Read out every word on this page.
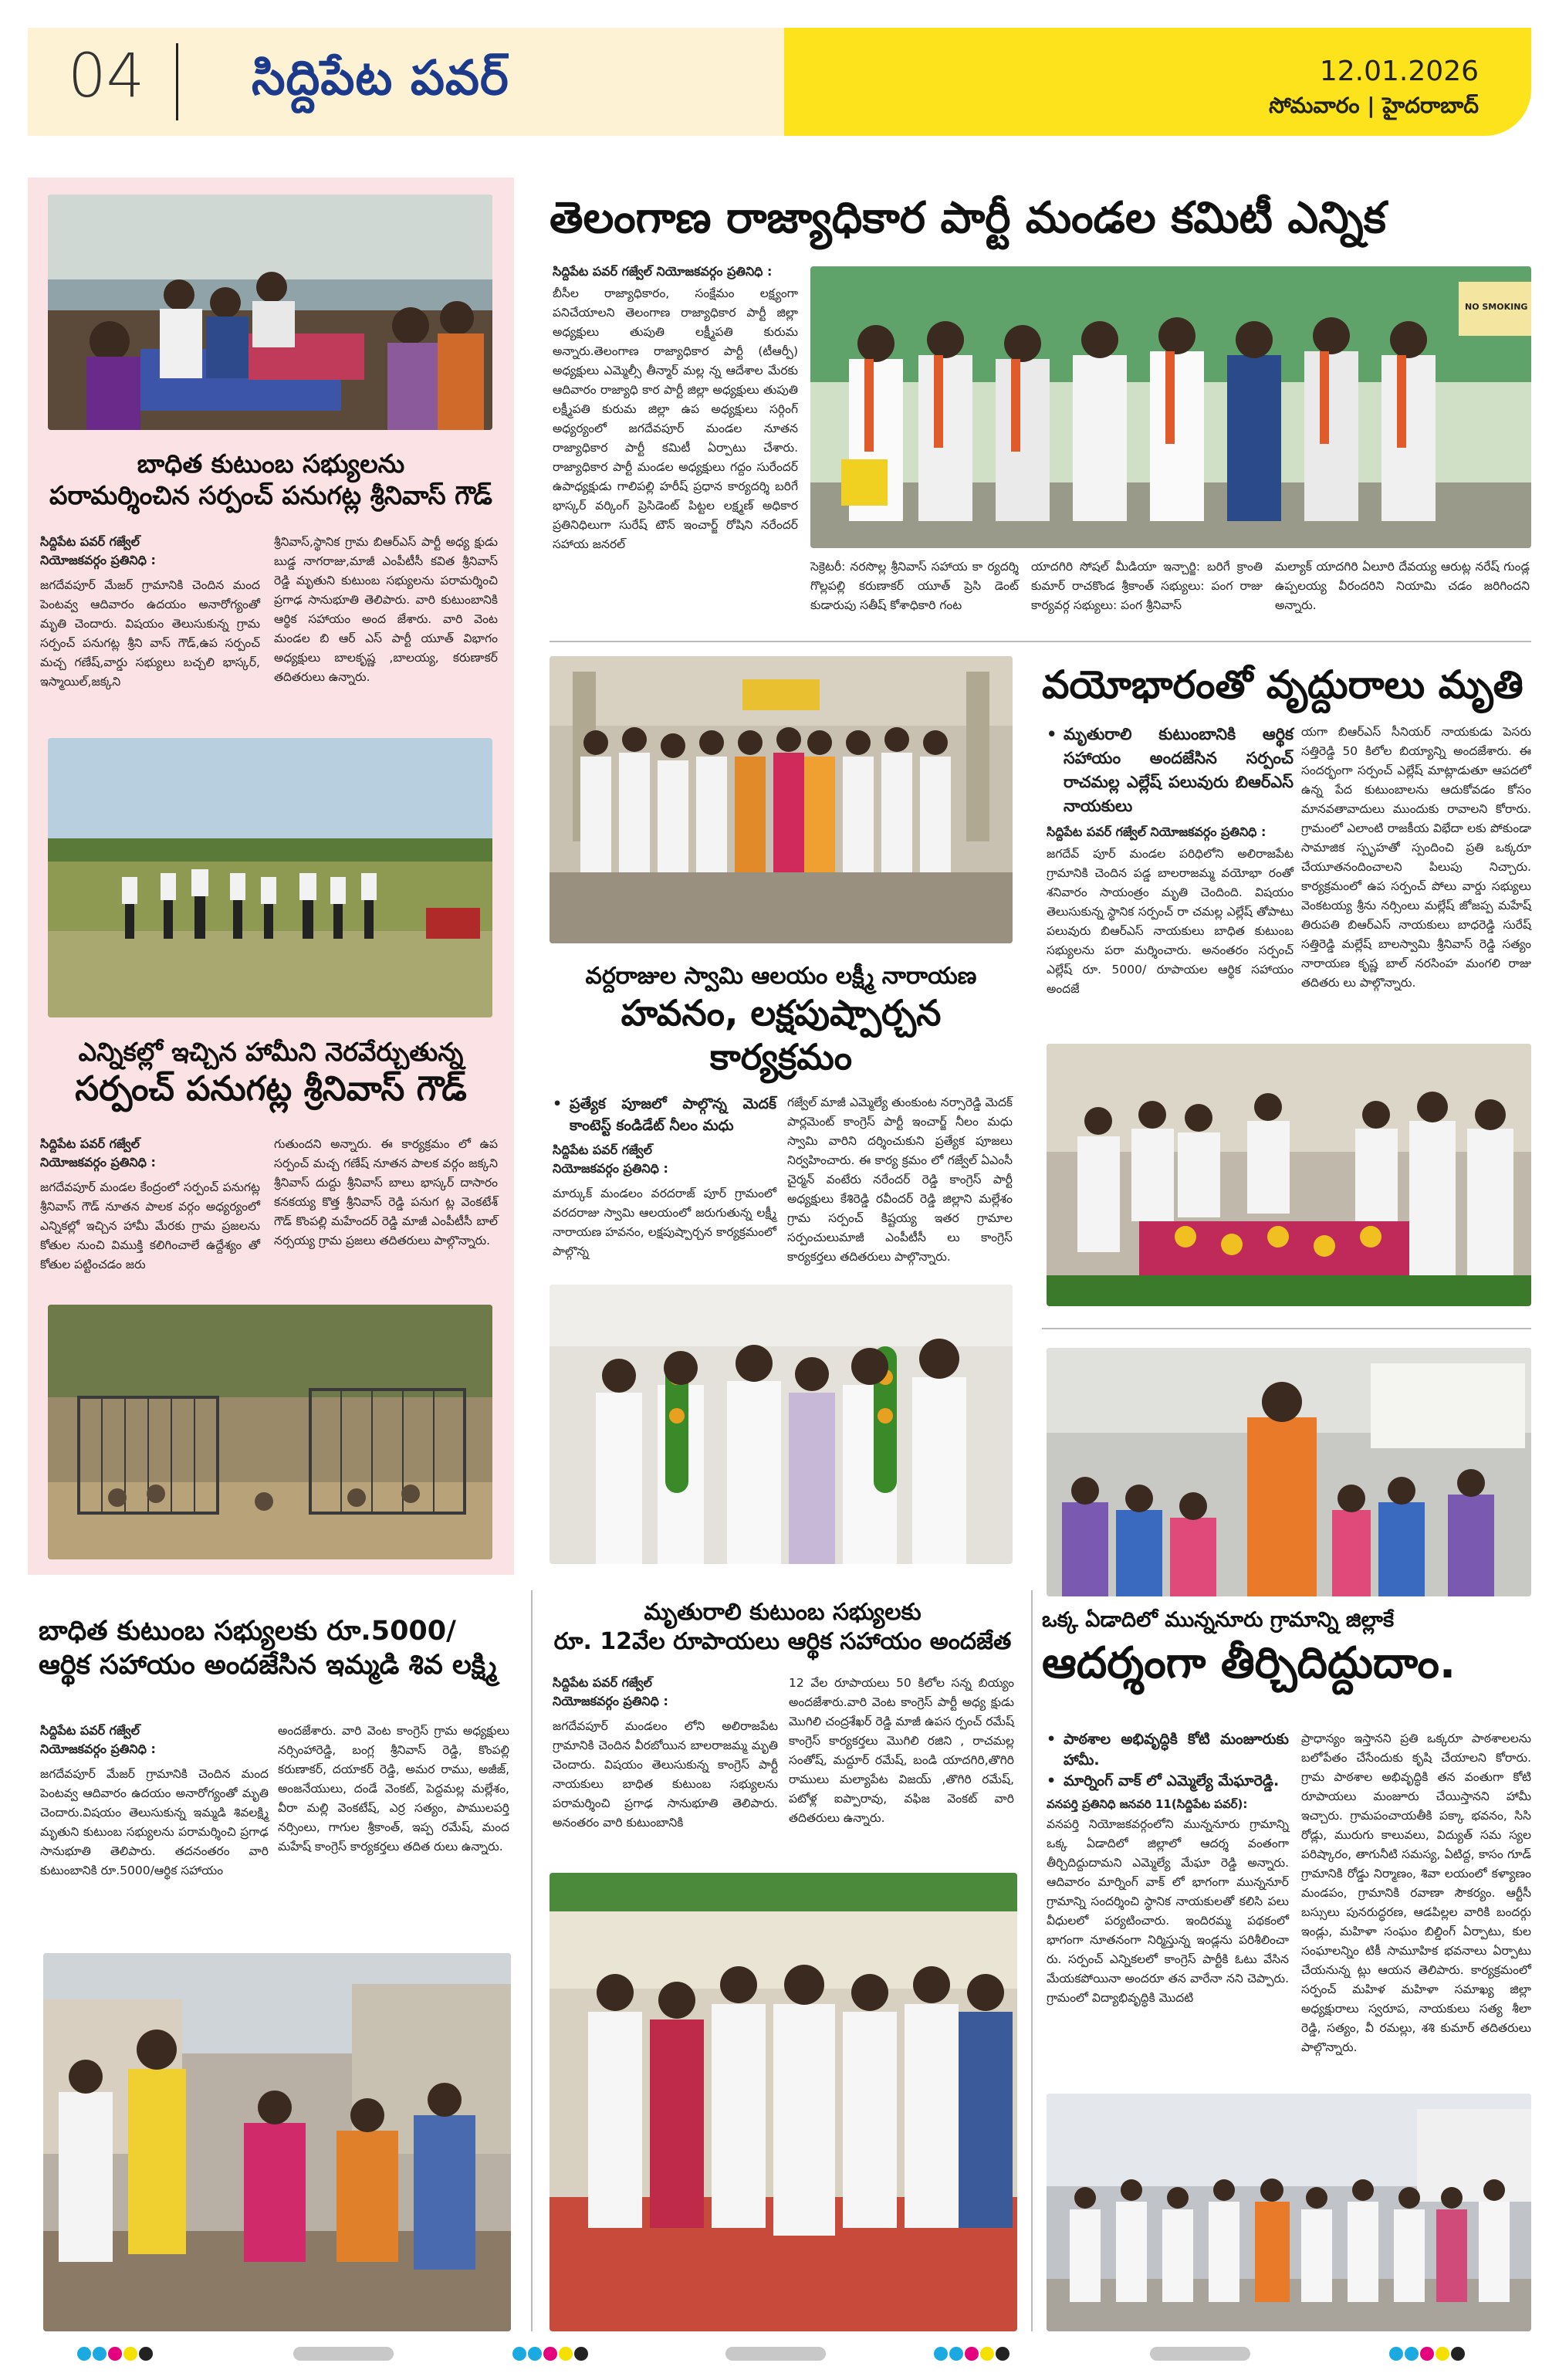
04 సిద్దిపేట పవర్	12.01.2026
సోమవారం | హైదరాబాద్
బాధిత కుటుంబ సభ్యులను
పరామర్శించిన సర్పంచ్ పనుగట్ల శ్రీనివాస్ గౌడ్
సిద్దిపేట పవర్ గజ్వేల్
నియోజకవర్గం ప్రతినిధి :
జగదేవపూర్ మేజర్ గ్రామానికి చెందిన మంద పెంటవ్వ ఆదివారం ఉదయం అనారోగ్యంతో మృతి చెందారు. విషయం తెలుసుకున్న గ్రామ సర్పంచ్ పనుగట్ల శ్రీని వాస్ గౌడ్,ఉప సర్పంచ్ మచ్చ గణేష్,వార్డు సభ్యులు బచ్చలి భాస్కర్, ఇస్మాయిల్,జక్కని
శ్రీనివాస్,స్థానిక గ్రామ బిఆర్ఎస్ పార్టీ అధ్య క్షుడు బుడ్డ నాగరాజు,మాజీ ఎంపీటీసీ కవిత శ్రీనివాస్ రెడ్డి మృతుని కుటుంబ సభ్యులను పరామర్శించి ప్రగాఢ సానుభూతి తెలిపారు. వారి కుటుంబానికి ఆర్థిక సహాయం అంద జేశారు. వారి వెంట మండల బి ఆర్ ఎస్ పార్టీ యూత్ విభాగం అధ్యక్షులు బాలకృష్ణ ,బాలయ్య, కరుణాకర్ తదితరులు ఉన్నారు.
ఎన్నికల్లో ఇచ్చిన హామీని నెరవేర్చుతున్న
సర్పంచ్ పనుగట్ల శ్రీనివాస్ గౌడ్
సిద్దిపేట పవర్ గజ్వేల్
నియోజకవర్గం ప్రతినిధి :
జగదేవపూర్ మండల కేంద్రంలో సర్పంచ్ పనుగట్ల శ్రీనివాస్ గౌడ్ నూతన పాలక వర్గం అధ్యర్యంలో ఎన్నికల్లో ఇచ్చిన హామీ మేరకు గ్రామ ప్రజలను కోతుల నుంచి విముక్తి కలిగించాలే ఉద్దేశ్యం తో కోతుల పట్టించడం జరు
గుతుందని అన్నారు. ఈ కార్యక్రమం లో ఉప సర్పంచ్ మచ్చ గణేష్ నూతన పాలక వర్గం జక్కని శ్రీనివాస్ దుద్దు శ్రీనివాస్ బాలు భాస్కర్ దాసారం కనకయ్య కొత్త శ్రీనివాస్ రెడ్డి పనుగ ట్ల వెంకటేశ్ గౌడ్ కొంపల్లి మహేందర్ రెడ్డి మాజీ ఎంపీటీసీ బాల్ నర్సయ్య గ్రామ ప్రజలు తదితరులు పాల్గొన్నారు.
తెలంగాణ రాజ్యాధికార పార్టీ మండల కమిటీ ఎన్నిక
సిద్దిపేట పవర్ గజ్వేల్ నియోజకవర్గం ప్రతినిధి :
బీసీల రాజ్యాధికారం, సంక్షేమం లక్ష్యంగా పనిచేయాలని తెలంగాణ రాజ్యాధికార పార్టీ జిల్లా అధ్యక్షులు తుపుతి లక్ష్మీపతి కురుమ అన్నారు.తెలంగాణ రాజ్యాధికార పార్టీ (టీఆర్పీ) అధ్యక్షులు ఎమ్మెల్సీ తీన్మార్ మల్ల న్న ఆదేశాల మేరకు ఆదివారం రాజ్యాధి కార పార్టీ జిల్లా అధ్యక్షులు తుపుతి లక్ష్మీపతి కురుమ జిల్లా ఉప అధ్యక్షులు సర్గింగ్ అధ్యర్యంలో జగదేవపూర్ మండల నూతన రాజ్యాధికార పార్టీ కమిటీ ఏర్పాటు చేశారు. రాజ్యాధికార పార్టీ మండల అధ్యక్షులు గద్దం సురేందర్ ఉపాధ్యక్షుడు గాలిపల్లి హరీష్ ప్రధాన కార్యదర్శి బరిగే భాస్కర్ వర్కింగ్ ప్రెసిడెంట్ పిట్టల లక్ష్మణ్ అధికార ప్రతినిధిలుగా సురేష్ టౌన్ ఇంచార్జ్ రోషిని నరేందర్ సహాయ జనరల్
NO SMOKING
సెక్రెటరీ: నరసొల్ల శ్రీనివాస్ సహాయ కా ర్యదర్శి గొల్లపల్లి కరుణాకర్ యూత్ ప్రెసి డెంట్ కుడారుపు సతీష్ కోశాధికారి గంట
యాదగిరి సోషల్ మీడియా ఇన్చార్జి: బరిగే క్రాంతి కుమార్ రాచకొండ శ్రీకాంత్ సభ్యులు: పంగ రాజు కార్యవర్గ సభ్యులు: పంగ శ్రీనివాస్
మల్యాక్ యాదగిరి ఏలూరి దేవయ్య ఆరుట్ల నరేష్ గుండ్ల ఉప్పలయ్య వీరందరిని నియామి చడం జరిగిందని అన్నారు.
వర్దరాజుల స్వామి ఆలయం లక్ష్మీ నారాయణ
హవనం, లక్షపుష్పార్చన కార్యక్రమం
• ప్రత్యేక పూజలో పాల్గొన్న మెదక్ కాంటెస్ట్ కండిడేట్ నీలం మధు
సిద్దిపేట పవర్ గజ్వేల్
నియోజకవర్గం ప్రతినిధి :
మార్కుక్ మండలం వరదరాజ్ పూర్ గ్రామంలో వరదరాజు స్వామి ఆలయంలో జరుగుతున్న లక్ష్మీ నారాయణ హవనం, లక్షపుష్పార్చన కార్యక్రమంలో పాల్గొన్న
గజ్వేల్ మాజీ ఎమ్మెల్యే తుంకుంట నర్సారెడ్డి మెదక్ పార్లమెంట్ కాంగ్రెస్ పార్టీ ఇంచార్జ్ నీలం మధు స్వామి వారిని దర్శించుకుని ప్రత్యేక పూజలు నిర్వహించారు. ఈ కార్య క్రమం లో గజ్వేల్ ఏఎంసీ చైర్మన్ వంటేరు నరేందర్ రెడ్డి కాంగ్రెస్ పార్టీ అధ్యక్షులు కేశిరెడ్డి రవీందర్ రెడ్డి జిల్లాని మల్లేశం గ్రామ సర్పంచ్ కిష్టయ్య ఇతర గ్రామాల సర్పంచులుమాజీ ఎంపీటీసీ లు కాంగ్రెస్ కార్యకర్తలు తదితరులు పాల్గొన్నారు.
వయోభారంతో వృద్దురాలు మృతి
• మృతురాలి కుటుంబానికి ఆర్థిక సహాయం అందజేసిన సర్పంచ్ రాచమల్ల ఎల్లేష్ పలువురు బిఆర్ఎస్ నాయకులు
సిద్దిపేట పవర్ గజ్వేల్ నియోజకవర్గం ప్రతినిధి :
జగదేవ్ పూర్ మండల పరిధిలోని అలిరాజపేట గ్రామానికి చెందిన పడ్డ బాలరాజమ్మ వయోభా రంతో శనివారం సాయంత్రం మృతి చెందింది. విషయం తెలుసుకున్న స్థానిక సర్పంచ్ రా చమల్ల ఎల్లేష్ తోపాటు పలువురు బిఆర్ఎస్ నాయకులు బాధిత కుటుంబ సభ్యులను పరా మర్శించారు. అనంతరం సర్పంచ్ ఎల్లేష్ రూ. 5000/ రూపాయల ఆర్థిక సహాయం అందజే
యగా బిఆర్ఎస్ సీనియర్ నాయకుడు పెసరు సత్తిరెడ్డి 50 కిలోల బియ్యాన్ని అందజేశారు. ఈ సందర్భంగా సర్పంచ్ ఎల్లేష్ మాట్లాడుతూ ఆపదలో ఉన్న పేద కుటుంబాలను ఆదుకోవడం కోసం మానవతావాదులు ముందుకు రావాలని కోరారు. గ్రామంలో ఎలాంటి రాజకీయ విభేదా లకు పోకుండా సామాజిక స్పృహతో స్పందించి ప్రతి ఒక్కరూ చేయూతనందించాలని పిలుపు నిచ్చారు. కార్యక్రమంలో ఉప సర్పంచ్ పోలు వార్డు సభ్యులు వెంకటయ్య శ్రీను నర్సింలు మల్లేష్ జోజప్ప మహేష్ తిరుపతి బిఆర్ఎస్ నాయకులు బాధరెడ్డి సురేష్ సత్తిరెడ్డి మల్లేష్ బాలస్వామి శ్రీనివాస్ రెడ్డి సత్యం నారాయణ కృష్ణ బాల్ నరసింహ మంగలి రాజు తదితరు లు పాల్గొన్నారు.
బాధిత కుటుంబ సభ్యులకు రూ.5000/
ఆర్థిక సహాయం అందజేసిన ఇమ్మడి శివ లక్ష్మి
సిద్దిపేట పవర్ గజ్వేల్
నియోజకవర్గం ప్రతినిధి :
జగదేవపూర్ మేజర్ గ్రామానికి చెందిన మంద పెంటవ్వ ఆదివారం ఉదయం అనారోగ్యంతో మృతి చెందారు.విషయం తెలుసుకున్న ఇమ్మడి శివలక్ష్మి మృతుని కుటుంబ సభ్యులను పరామర్శించి ప్రగాఢ సానుభూతి తెలిపారు. తదనంతరం వారి కుటుంబానికి రూ.5000/ఆర్థిక సహాయం
అందజేశారు. వారి వెంట కాంగ్రెస్ గ్రామ అధ్యక్షులు నర్సింహారెడ్డి, బంగ్ల శ్రీనివాస్ రెడ్డి, కొంపల్లి కరుణాకర్, దయాకర్ రెడ్డి, అమర రాము, అజీజ్, అంజనేయులు, దండే వెంకట్, పెద్దమల్ల మల్లేశం, వీరా మల్లి వెంకటేష్, ఎర్ర సత్యం, పాములపర్తి నర్సింలు, గాగుల శ్రీకాంత్, ఇప్ప రమేష్, మంద మహేష్ కాంగ్రెస్ కార్యకర్తలు తదిత రులు ఉన్నారు.
మృతురాలి కుటుంబ సభ్యులకు
రూ. 12వేల రూపాయలు ఆర్థిక సహాయం అందజేత
సిద్దిపేట పవర్ గజ్వేల్
నియోజకవర్గం ప్రతినిధి :
జగదేవపూర్ మండలం లోని అలిరాజపేట గ్రామానికి చెందిన వీరబోయిన బాలరాజమ్మ మృతి చెందారు. విషయం తెలుసుకున్న కాంగ్రెస్ పార్టీ నాయకులు బాధిత కుటుంబ సభ్యులను పరామర్శించి ప్రగాఢ సానుభూతి తెలిపారు. అనంతరం వారి కుటుంబానికి
12 వేల రూపాయలు 50 కిలోల సన్న బియ్యం అందజేశారు.వారి వెంట కాంగ్రెస్ పార్టీ అధ్య క్షుడు మొగిలి చంద్రశేఖర్ రెడ్డి మాజీ ఉపస ర్పంచ్ రమేష్ కాంగ్రెస్ కార్యకర్తలు మొగిలి రజిని , రాచమల్ల సంతోష్, మద్దూర్ రమేష్, బండి యాదగిరి,తొగిరి రాములు మల్యాపేట విజయ్ ,తొగిరి రమేష్, పటోళ్ల ఐప్పారావు, వఫిజ వెంకట్ వారి తదితరులు ఉన్నారు.
ఒక్క ఏడాదిలో మున్ననూరు గ్రామాన్ని జిల్లాకే
ఆదర్శంగా తీర్చిదిద్దుదాం.
• పాఠశాల అభివృద్ధికి కోటి మంజూరుకు హామీ.
• మార్నింగ్ వాక్ లో ఎమ్మెల్యే మేఘారెడ్డి.
వనపర్తి ప్రతినిధి జనవరి 11(సిద్దిపేట పవర్):
వనపర్తి నియోజకవర్గంలోని మున్ననూరు గ్రామాన్ని ఒక్క ఏడాదిలో జిల్లాలో ఆదర్శ వంతంగా తీర్చిదిద్దుదామని ఎమ్మెల్యే మేఘా రెడ్డి అన్నారు. ఆదివారం మార్నింగ్ వాక్ లో భాగంగా మున్ననూర్ గ్రామాన్ని సందర్శించి స్థానిక నాయకులతో కలిసి పలు వీధులలో పర్యటించారు. ఇందిరమ్మ పథకంలో భాగంగా నూతనంగా నిర్మిస్తున్న ఇండ్లను పరిశీలించా రు. సర్పంచ్ ఎన్నికలలో కాంగ్రెస్ పార్టీకి ఓటు వేసిన మేయకపోయినా అందరూ తన వారేనా నని చెప్పారు. గ్రామంలో విద్యాభివృద్ధికి మొదటి
ప్రాధాన్యం ఇస్తానని ప్రతి ఒక్కరూ పాఠశాలలను బలోపేతం చేసేందుకు కృషి చేయాలని కోరారు. గ్రామ పాఠశాల అభివృద్ధికి తన వంతుగా కోటి రూపాయలు మంజూరు చేయిస్తానని హామీ ఇచ్చారు. గ్రామపంచాయతీకి పక్కా భవనం, సిసి రోడ్లు, మురుగు కాలువలు, విద్యుత్ సమ స్యల పరిష్కారం, తాగునీటి సమస్య, ఏటిద్ద, కాసం గూడ్ గ్రామానికి రోడ్డు నిర్మాణం, శివా లయంలో కళ్యాణం మండపం, గ్రామానికి రవాణా సౌకర్యం. ఆర్టీసీ బస్సులు పునరుద్ధరణ, ఆడపిల్లల వారికి బందర్గు ఇండ్లు, మహిళా సంఘం బిల్డింగ్ ఏర్పాటు, కుల సంఘాలన్నిం టికీ సామూహిక భవనాలు ఏర్పాటు చేయనున్న ట్లు ఆయన తెలిపారు. కార్యక్రమంలో సర్పంచ్ మహిళ మహిళా సమాఖ్య జిల్లా అధ్యక్షురాలు స్వరూప, నాయకులు సత్య శీలా రెడ్డి, సత్యం, వీ రమల్లు, శశి కుమార్ తదితరులు పాల్గొన్నారు.
